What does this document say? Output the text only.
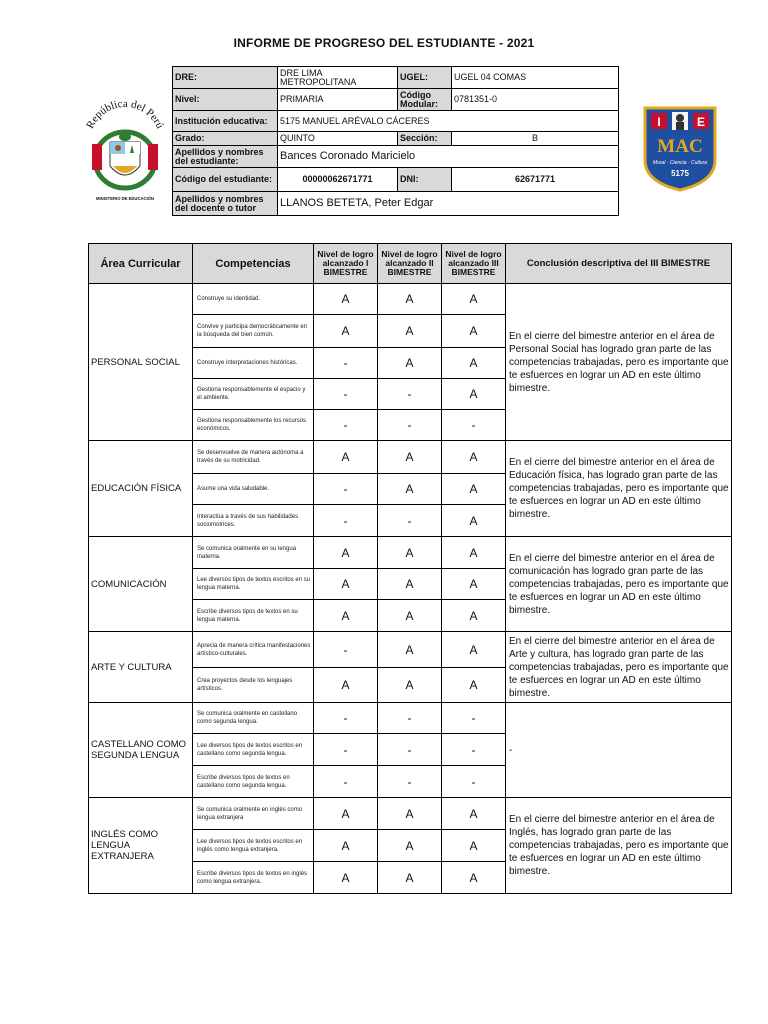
INFORME DE PROGRESO DEL ESTUDIANTE - 2021
República del Perú
MINISTERIO DE EDUCACIÓN
I	E
MAC
Moral · Ciencia · Cultura
5175
DRE:	DRE LIMA METROPOLITANA	UGEL:	UGEL 04 COMAS
Nivel:	PRIMARIA	Código Modular:	0781351-0
Institución educativa:	5175 MANUEL ARÉVALO CÁCERES		
Grado:	QUINTO	Sección:	B
Apellidos y nombres del estudiante:	Bances Coronado Maricielo		
Código del estudiante:	00000062671771	DNI:	62671771
Apellidos y nombres del docente o tutor	LLANOS BETETA, Peter Edgar		
Área Curricular	Competencias	Nivel de logro alcanzado I BIMESTRE	Nivel de logro alcanzado II BIMESTRE	Nivel de logro alcanzado III BIMESTRE	Conclusión descriptiva del III BIMESTRE
PERSONAL SOCIAL	Construye su identidad.	A	A	A	En el cierre del bimestre anterior en el área de Personal Social has logrado gran parte de las competencias trabajadas, pero es importante que te esfuerces en lograr un AD en este último bimestre.
	Convive y participa democráticamente en la búsqueda del bien común.	A	A	A	
	Construye interpretaciones históricas.	-	A	A	
	Gestiona responsablemente el espacio y el ambiente.	-	-	A	
	Gestiona responsablemente los recursos económicos.	-	-	-	
EDUCACIÓN FÍSICA	Se desenvuelve de manera autónoma a través de su motricidad.	A	A	A	En el cierre del bimestre anterior en el área de Educación física, has logrado gran parte de las competencias trabajadas, pero es importante que te esfuerces en lograr un AD en este último bimestre.
	Asume una vida saludable.	-	A	A	
	Interactúa a través de sus habilidades sociomotrices.	-	-	A	
COMUNICACIÓN	Se comunica oralmente en su lengua materna.	A	A	A	En el cierre del bimestre anterior en el área de comunicación has logrado gran parte de las competencias trabajadas, pero es importante que te esfuerces en lograr un AD en este último bimestre.
	Lee diversos tipos de textos escritos en su lengua materna.	A	A	A	
	Escribe diversos tipos de textos en su lengua materna.	A	A	A	
ARTE Y CULTURA	Aprecia de manera crítica manifestaciones artístico-culturales.	-	A	A	En el cierre del bimestre anterior en el área de Arte y cultura, has logrado gran parte de las competencias trabajadas, pero es importante que te esfuerces en lograr un AD en este último bimestre.
	Crea proyectos desde los lenguajes artísticos.	A	A	A	
CASTELLANO COMO SEGUNDA LENGUA	Se comunica oralmente en castellano como segunda lengua.	-	-	-	-
	Lee diversos tipos de textos escritos en castellano como segunda lengua.	-	-	-	
	Escribe diversos tipos de textos en castellano como segunda lengua.	-	-	-	
INGLÉS COMO LENGUA EXTRANJERA	Se comunica oralmente en inglés como lengua extranjera	A	A	A	En el cierre del bimestre anterior en el área de Inglés, has logrado gran parte de las competencias trabajadas, pero es importante que te esfuerces en lograr un AD en este último bimestre.
	Lee diversos tipos de textos escritos en inglés como lengua extranjera.	A	A	A	
	Escribe diversos tipos de textos en inglés como lengua extranjera.	A	A	A	
